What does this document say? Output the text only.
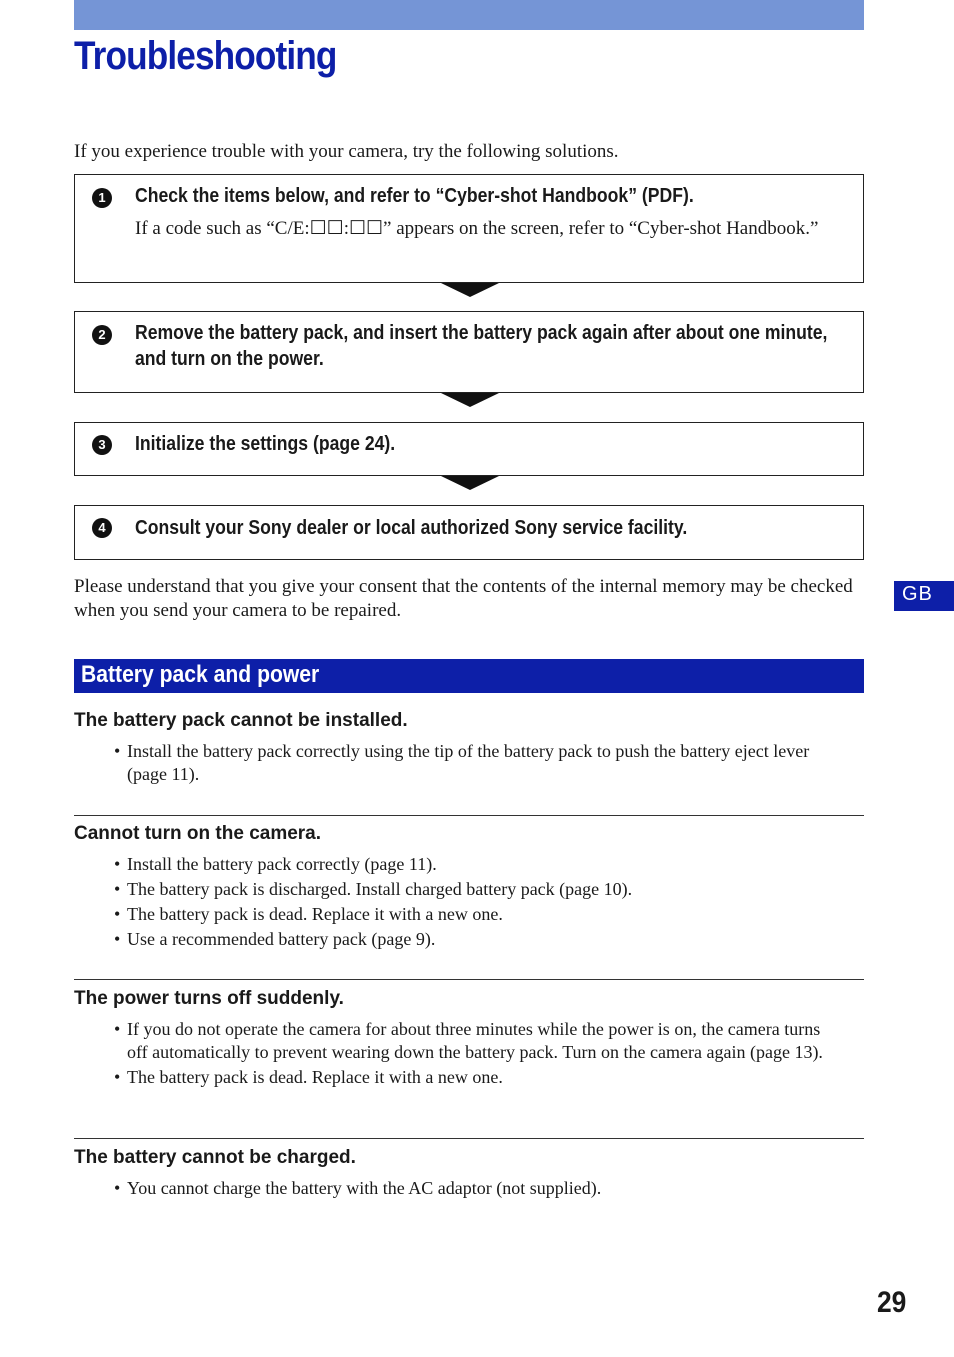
Troubleshooting
If you experience trouble with your camera, try the following solutions.
1	Check the items below, and refer to “Cyber-shot Handbook” (PDF).
If a code such as “C/E:☐☐:☐☐” appears on the screen, refer to “Cyber-shot Handbook.”
2	Remove the battery pack, and insert the battery pack again after about one minute, and turn on the power.
3	Initialize the settings (page 24).
4	Consult your Sony dealer or local authorized Sony service facility.
Please understand that you give your consent that the contents of the internal memory may be checked when you send your camera to be repaired.
GB
Battery pack and power
The battery pack cannot be installed.
• Install the battery pack correctly using the tip of the battery pack to push the battery eject lever (page 11).
Cannot turn on the camera.
• Install the battery pack correctly (page 11).
• The battery pack is discharged. Install charged battery pack (page 10).
• The battery pack is dead. Replace it with a new one.
• Use a recommended battery pack (page 9).
The power turns off suddenly.
• If you do not operate the camera for about three minutes while the power is on, the camera turns off automatically to prevent wearing down the battery pack. Turn on the camera again (page 13).
• The battery pack is dead. Replace it with a new one.
The battery cannot be charged.
• You cannot charge the battery with the AC adaptor (not supplied).
29
